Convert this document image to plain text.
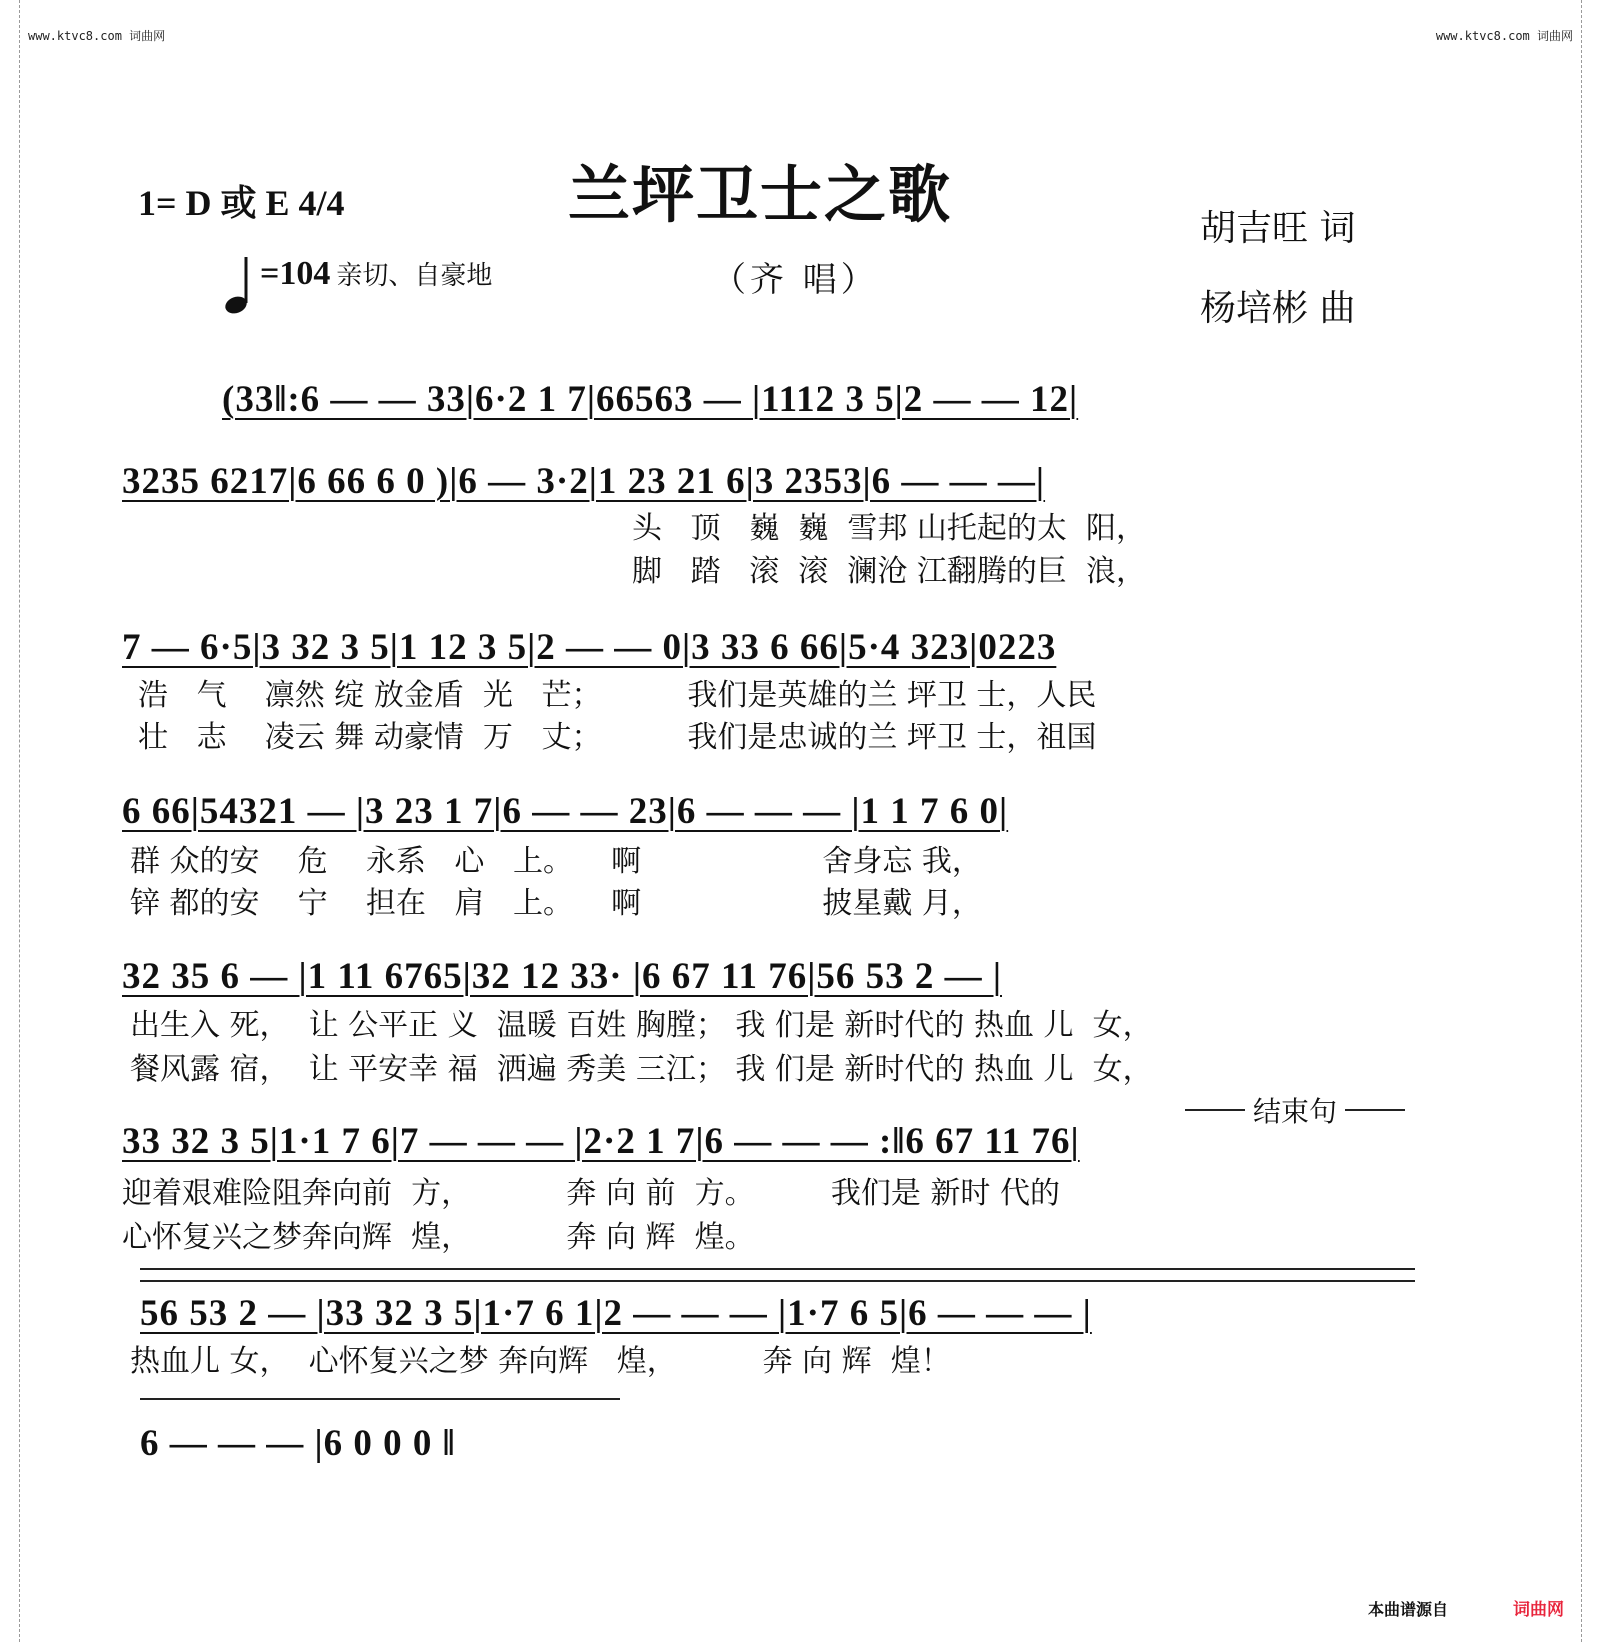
www.ktvc8.com 词曲网	www.ktvc8.com 词曲网
1= D 或 E 4/4	兰坪卫士之歌
（齐 唱）
=104 亲切、自豪地
胡吉旺 词
杨培彬 曲
(33‖:6 — — 33|6·2 1 7|66563 — |1112 3 5|2 — — 12|
3235 6217|6 66 6 0 )|6 — 3·2|1 23 21 6|3 2353|6 — — —|
头   顶   巍  巍  雪邦 山托起的太  阳，
脚   踏   滚  滚  澜沧 江翻腾的巨  浪，
7 — 6·5|3 32 3 5|1 12 3 5|2 — — 0|3 33 6 66|5·4 323|0223
浩   气    凛然 绽 放金盾  光   芒；         我们是英雄的兰 坪卫 士，人民
壮   志    凌云 舞 动豪情  万   丈；         我们是忠诚的兰 坪卫 士，祖国
6 66|54321 — |3 23 1 7|6 — — 23|6 — — — |1 1 7 6 0|
群 众的安    危    永系   心   上。    啊                   舍身忘 我，
锌 都的安    宁    担在   肩   上。    啊                   披星戴 月，
32 35 6 — |1 11 6765|32 12 33· |6 67 11 76|56 53 2 — |
出生入 死，  让 公平正 义  温暖 百姓 胸膛； 我 们是 新时代的 热血 儿  女，
餐风露 宿，  让 平安幸 福  洒遍 秀美 三江； 我 们是 新时代的 热血 儿  女，
结束句
33 32 3 5|1·1 7 6|7 — — — |2·2 1 7|6 — — — :‖6 67 11 76|
迎着艰难险阻奔向前  方，          奔 向 前  方。        我们是 新时 代的
心怀复兴之梦奔向辉  煌，          奔 向 辉  煌。
56 53 2 — |33 32 3 5|1·7 6 1|2 — — — |1·7 6 5|6 — — — |
热血儿 女，  心怀复兴之梦 奔向辉   煌，         奔 向 辉  煌！
6 — — — |6 0 0 0 ‖
本曲谱源自	词曲网
